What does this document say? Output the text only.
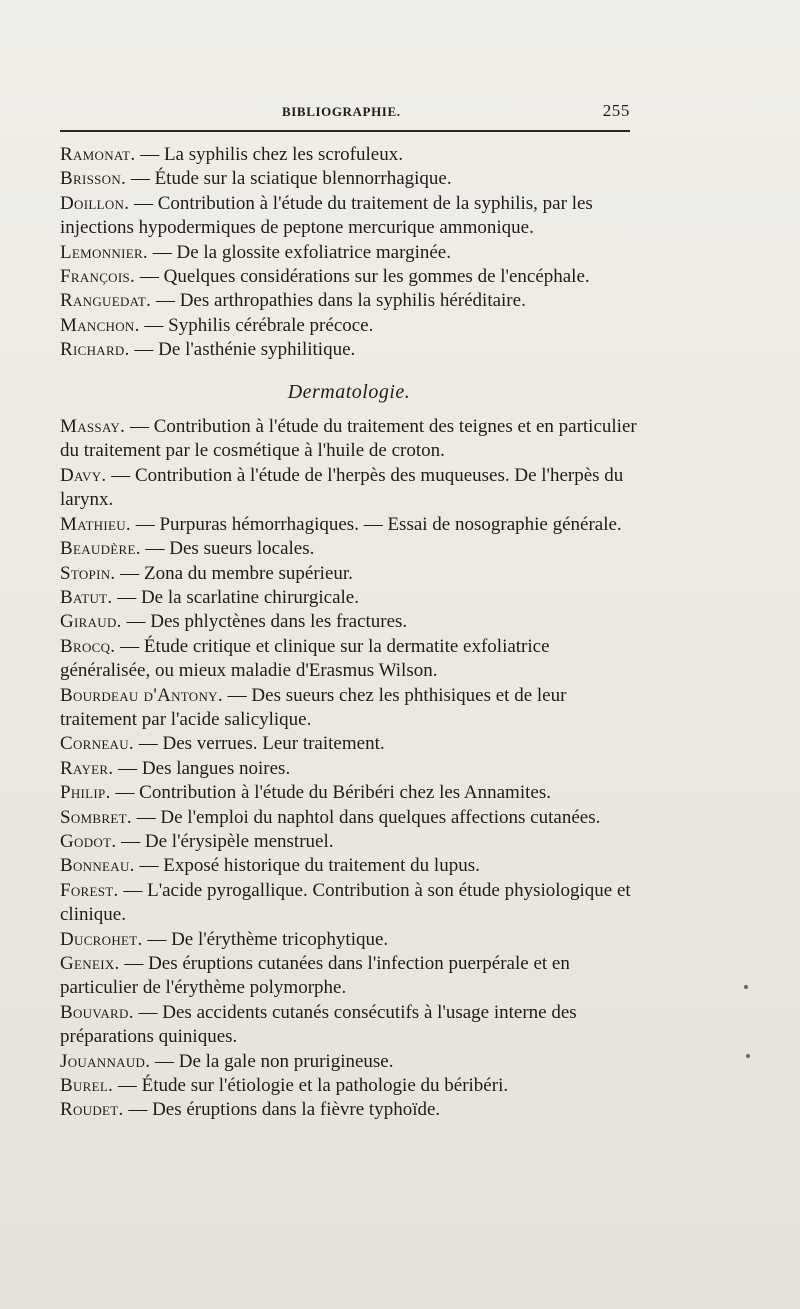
BIBLIOGRAPHIE.	255

Ramonat. — La syphilis chez les scrofuleux.

Brisson. — Étude sur la sciatique blennorrhagique.

Doillon. — Contribution à l'étude du traitement de la syphilis, par les injections hypodermiques de peptone mercurique ammonique.

Lemonnier. — De la glossite exfoliatrice marginée.

François. — Quelques considérations sur les gommes de l'encéphale.

Ranguedat. — Des arthropathies dans la syphilis héréditaire.

Manchon. — Syphilis cérébrale précoce.

Richard. — De l'asthénie syphilitique.

Dermatologie.

Massay. — Contribution à l'étude du traitement des teignes et en particulier du traitement par le cosmétique à l'huile de croton.

Davy. — Contribution à l'étude de l'herpès des muqueuses. De l'herpès du larynx.

Mathieu. — Purpuras hémorrhagiques. — Essai de nosographie générale.

Beaudère. — Des sueurs locales.

Stopin. — Zona du membre supérieur.

Batut. — De la scarlatine chirurgicale.

Giraud. — Des phlyctènes dans les fractures.

Brocq. — Étude critique et clinique sur la dermatite exfoliatrice généralisée, ou mieux maladie d'Erasmus Wilson.

Bourdeau d'Antony. — Des sueurs chez les phthisiques et de leur traitement par l'acide salicylique.

Corneau. — Des verrues. Leur traitement.

Rayer. — Des langues noires.

Philip. — Contribution à l'étude du Béribéri chez les Annamites.

Sombret. — De l'emploi du naphtol dans quelques affections cutanées.

Godot. — De l'érysipèle menstruel.

Bonneau. — Exposé historique du traitement du lupus.

Forest. — L'acide pyrogallique. Contribution à son étude physiologique et clinique.

Ducrohet. — De l'érythème tricophytique.

Geneix. — Des éruptions cutanées dans l'infection puerpérale et en particulier de l'érythème polymorphe.

Bouvard. — Des accidents cutanés consécutifs à l'usage interne des préparations quiniques.

Jouannaud. — De la gale non prurigineuse.

Burel. — Étude sur l'étiologie et la pathologie du béribéri.

Roudet. — Des éruptions dans la fièvre typhoïde.
